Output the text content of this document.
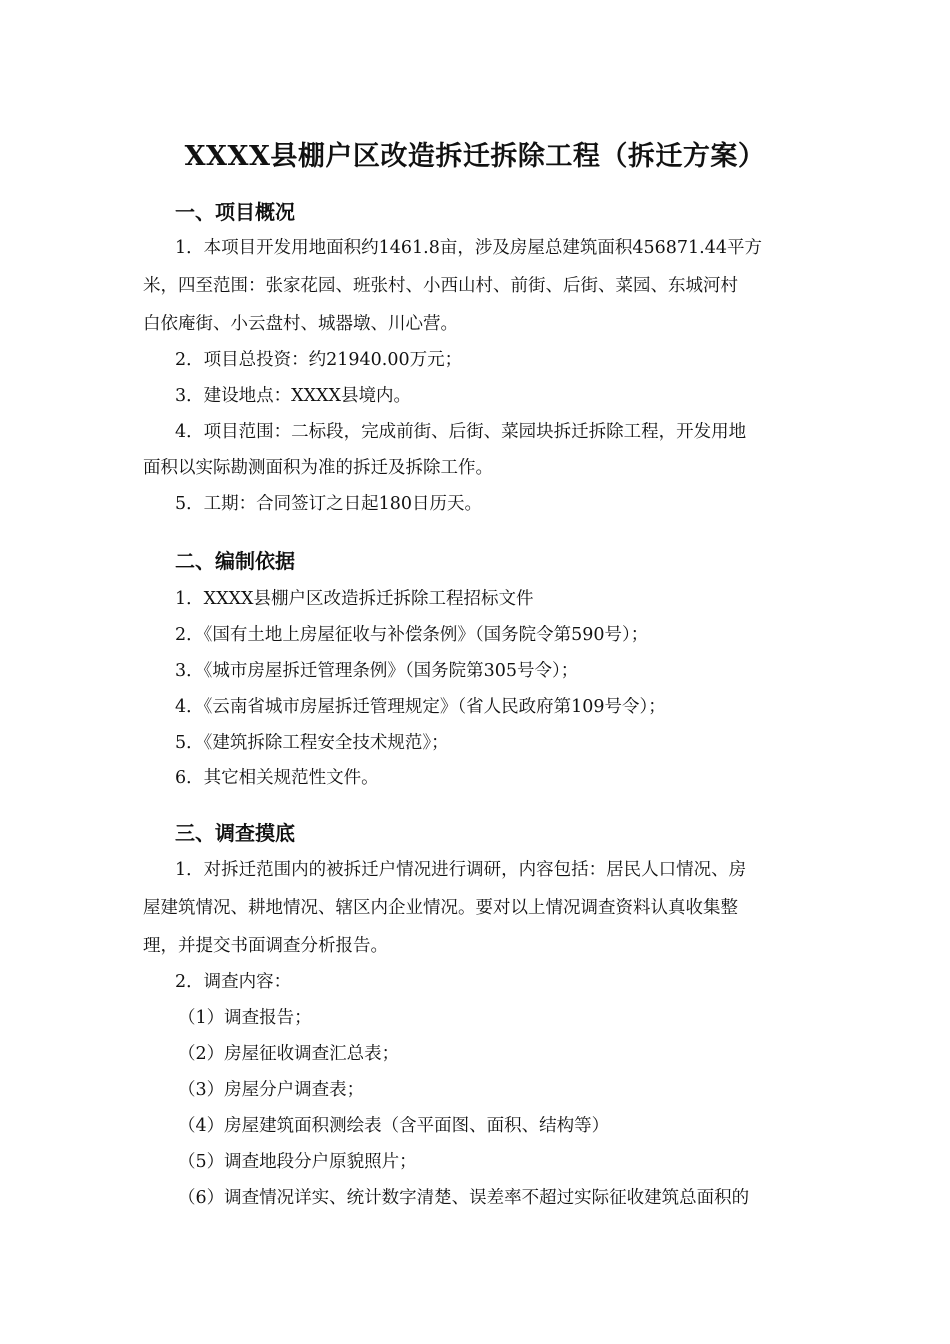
XXXX县棚户区改造拆迁拆除工程（拆迁方案）
一、项目概况

1．本项目开发用地面积约1461.8亩，涉及房屋总建筑面积456871.44平方

米，四至范围：张家花园、班张村、小西山村、前街、后街、菜园、东城河村

白依庵街、小云盘村、城器墩、川心营。

2．项目总投资：约21940.00万元；

3．建设地点：XXXX县境内。

4．项目范围：二标段，完成前街、后街、菜园块拆迁拆除工程，开发用地

面积以实际勘测面积为准的拆迁及拆除工作。

5．工期：合同签订之日起180日历天。

二、编制依据

1．XXXX县棚户区改造拆迁拆除工程招标文件

2．《国有土地上房屋征收与补偿条例》（国务院令第590号）；

3．《城市房屋拆迁管理条例》（国务院第305号令）；

4．《云南省城市房屋拆迁管理规定》（省人民政府第109号令）；

5．《建筑拆除工程安全技术规范》；

6．其它相关规范性文件。

三、调查摸底

1．对拆迁范围内的被拆迁户情况进行调研，内容包括：居民人口情况、房

屋建筑情况、耕地情况、辖区内企业情况。要对以上情况调查资料认真收集整

理，并提交书面调查分析报告。

2．调查内容：

（1）调查报告；

（2）房屋征收调查汇总表；

（3）房屋分户调查表；

（4）房屋建筑面积测绘表（含平面图、面积、结构等）

（5）调查地段分户原貌照片；

（6）调查情况详实、统计数字清楚、误差率不超过实际征收建筑总面积的
